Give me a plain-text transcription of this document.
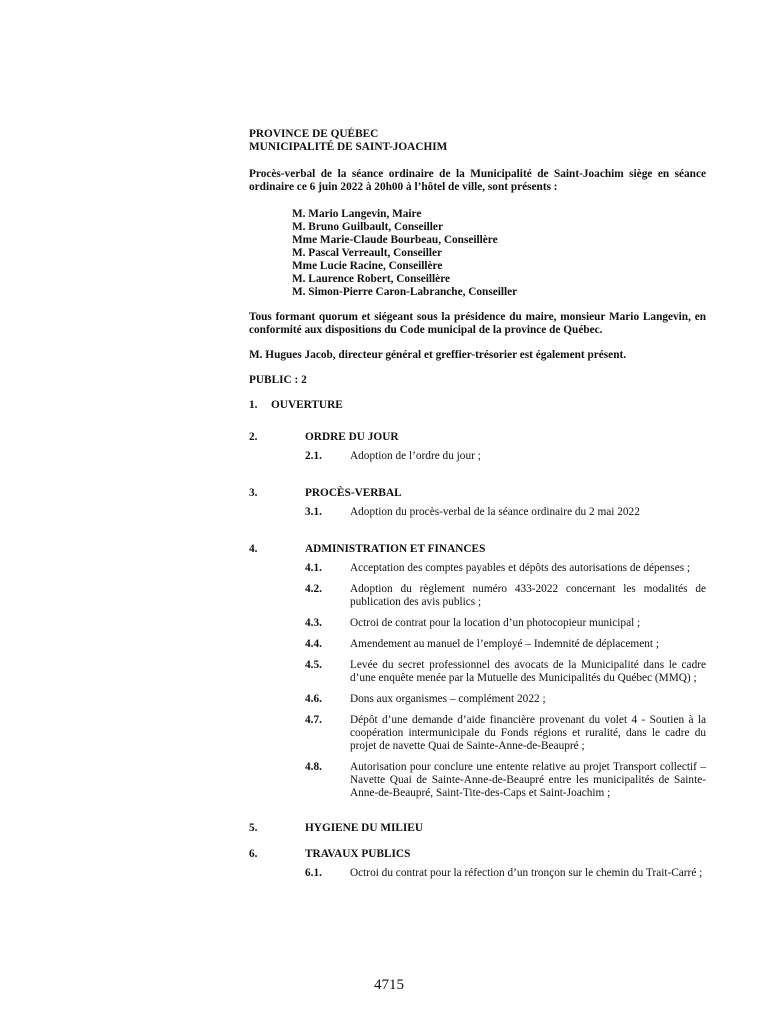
PROVINCE DE QUÉBEC
MUNICIPALITÉ DE SAINT-JOACHIM
Procès-verbal de la séance ordinaire de la Municipalité de Saint-Joachim siège en séance ordinaire ce 6 juin 2022 à 20h00 à l’hôtel de ville, sont présents :
M. Mario Langevin, Maire
M. Bruno Guilbault, Conseiller
Mme Marie-Claude Bourbeau, Conseillère
M. Pascal Verreault, Conseiller
Mme Lucie Racine, Conseillère
M. Laurence Robert, Conseillère
M. Simon-Pierre Caron-Labranche, Conseiller
Tous formant quorum et siégeant sous la présidence du maire, monsieur Mario Langevin, en conformité aux dispositions du Code municipal de la province de Québec.
M. Hugues Jacob, directeur général et greffier-trésorier est également présent.
PUBLIC : 2
1.	OUVERTURE
2.	ORDRE DU JOUR
2.1.	Adoption de l’ordre du jour ;
3.	PROCÈS-VERBAL
3.1.	Adoption du procès-verbal de la séance ordinaire du 2 mai 2022
4.	ADMINISTRATION ET FINANCES
4.1.	Acceptation des comptes payables et dépôts des autorisations de dépenses ;
4.2.	Adoption du règlement numéro 433-2022 concernant les modalités de publication des avis publics ;
4.3.	Octroi de contrat pour la location d’un photocopieur municipal ;
4.4.	Amendement au manuel de l’employé – Indemnité de déplacement ;
4.5.	Levée du secret professionnel des avocats de la Municipalité dans le cadre d’une enquête menée par la Mutuelle des Municipalités du Québec (MMQ) ;
4.6.	Dons aux organismes – complément 2022 ;
4.7.	Dépôt d’une demande d’aide financière provenant du volet 4 - Soutien à la coopération intermunicipale du Fonds régions et ruralité, dans le cadre du projet de navette Quai de Sainte-Anne-de-Beaupré ;
4.8.	Autorisation pour conclure une entente relative au projet Transport collectif – Navette Quai de Sainte-Anne-de-Beaupré entre les municipalités de Sainte-Anne-de-Beaupré, Saint-Tite-des-Caps et Saint-Joachim ;
5.	HYGIENE DU MILIEU
6.	TRAVAUX PUBLICS
6.1.	Octroi du contrat pour la réfection d’un tronçon sur le chemin du Trait-Carré ;
4715
